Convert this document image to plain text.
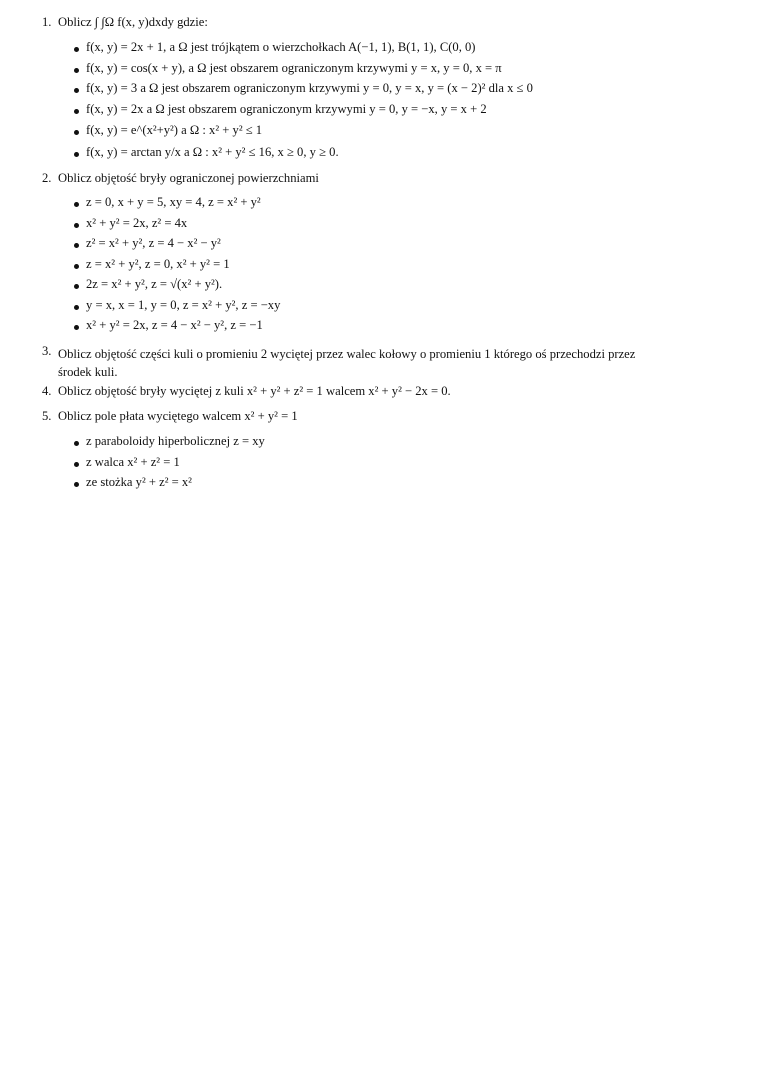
1. Oblicz ∫ ∫Ω f(x, y)dxdy gdzie:
f(x, y) = 2x + 1, a Ω jest trójkątem o wierzchołkach A(−1, 1), B(1, 1), C(0, 0)
f(x, y) = cos(x + y), a Ω jest obszarem ograniczonym krzywymi y = x, y = 0, x = π
f(x, y) = 3 a Ω jest obszarem ograniczonym krzywymi y = 0, y = x, y = (x − 2)² dla x ≤ 0
f(x, y) = 2x a Ω jest obszarem ograniczonym krzywymi y = 0, y = −x, y = x + 2
f(x, y) = e^(x²+y²) a Ω : x² + y² ≤ 1
f(x, y) = arctan y/x a Ω : x² + y² ≤ 16, x ≥ 0, y ≥ 0.
2. Oblicz objętość bryły ograniczonej powierzchniami
z = 0, x + y = 5, xy = 4, z = x² + y²
x² + y² = 2x, z² = 4x
z² = x² + y², z = 4 − x² − y²
z = x² + y², z = 0, x² + y² = 1
2z = x² + y², z = √(x² + y²).
y = x, x = 1, y = 0, z = x² + y², z = −xy
x² + y² = 2x, z = 4 − x² − y², z = −1
3. Oblicz objętość części kuli o promieniu 2 wyciętej przez walec kołowy o promieniu 1 którego oś przechodzi przez środek kuli.
4. Oblicz objętość bryły wyciętej z kuli x² + y² + z² = 1 walcem x² + y² − 2x = 0.
5. Oblicz pole płata wyciętego walcem x² + y² = 1
z paraboloidy hiperbolicznej z = xy
z walca x² + z² = 1
ze stożka y² + z² = x²
